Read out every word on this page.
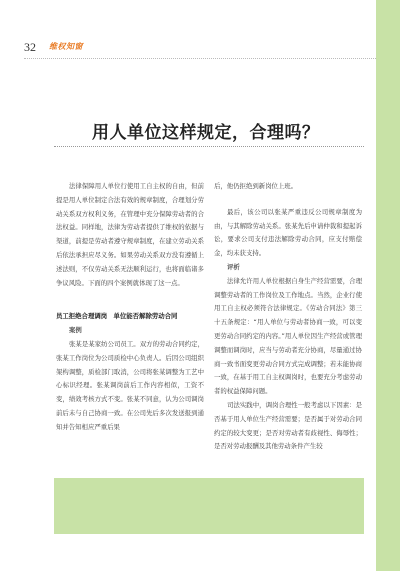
32 维权知窗
用人单位这样规定，合理吗？

法律保障用人单位行使用工自主权的自由，但前提是用人单位制定合法有效的规章制度，合理划分劳动关系双方权利义务，在管理中充分保障劳动者的合法权益。同样地，法律为劳动者提供了维权的依据与渠道，前提是劳动者遵守规章制度，在建立劳动关系后依法承担应尽义务。如果劳动关系双方没有遵循上述法则，不仅劳动关系无法顺利运行，也将面临诸多争议风险。下面的四个案例就体现了这一点。

员工拒绝合理调岗　单位能否解除劳动合同

案例

张某是某家纺公司员工。双方的劳动合同约定，张某工作岗位为公司质检中心负责人。后因公司组织架构调整，质检部门取消，公司将张某调整为工艺中心标识经理。张某调岗前后工作内容相似，工资不变，绩效考核方式不变。张某不同意，认为公司调岗前后未与自己协商一致。在公司先后多次发送报到通知并告知相应严重后果

后，他仍拒绝到新岗位上班。

最后，该公司以张某严重违反公司规章制度为由，与其解除劳动关系。张某先后申请仲裁和提起诉讼，要求公司支付违法解除劳动合同，应支付赔偿金，均未获支持。

评析

法律允许用人单位根据自身生产经营需要，合理调整劳动者的工作岗位及工作地点。当然，企业行使用工自主权必须符合法律规定。《劳动合同法》第三十五条规定：“用人单位与劳动者协商一致，可以变更劳动合同约定的内容。”用人单位因生产经营或管理调整而调岗时，应当与劳动者充分协商，尽量通过协商一致书面变更劳动合同方式完成调整；若未能协商一致，在基于用工自主权调岗时，也要充分考虑劳动者的权益保障问题。

司法实践中，调岗合理性一般考虑以下因素：是否基于用人单位生产经营需要；是否属于对劳动合同约定的较大变更；是否对劳动者有歧视性、侮辱性；是否对劳动报酬及其他劳动条件产生较
